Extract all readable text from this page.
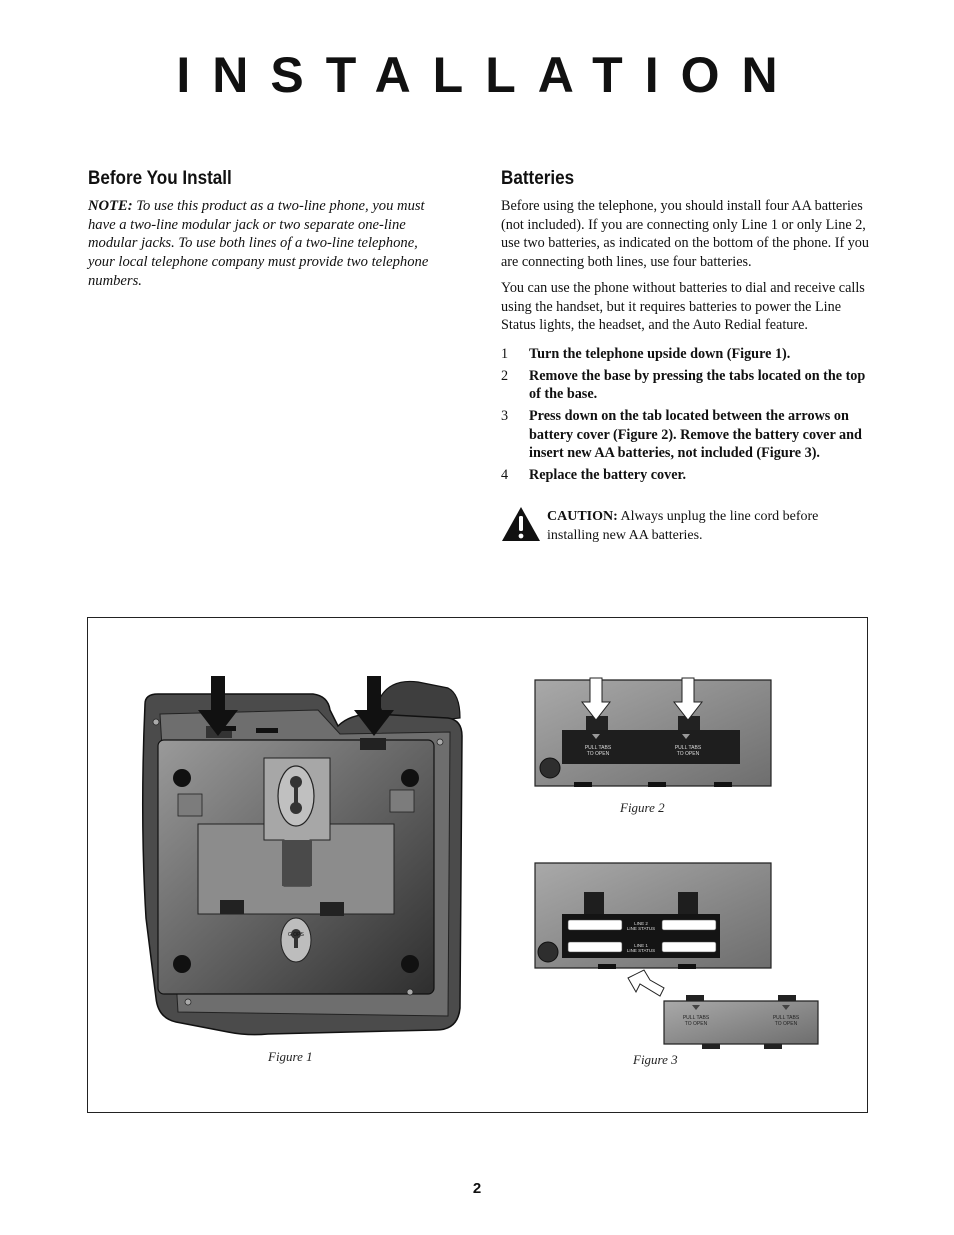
INSTALLATION
Before You Install

NOTE: To use this product as a two-line phone, you must have a two-line modular jack or two separate one-line modular jacks. To use both lines of a two-line telephone, your local telephone company must provide two telephone numbers.

Batteries

Before using the telephone, you should install four AA batteries (not included). If you are connecting only Line 1 or only Line 2, use two batteries, as indicated on the bottom of the phone. If you are connecting both lines, use four batteries.

You can use the phone without batteries to dial and receive calls using the handset, but it requires batteries to power the Line Status lights, the headset, and the Auto Redial feature.

1	Turn the telephone upside down (Figure 1).
2	Remove the base by pressing the tabs located on the top of the base.
3	Press down on the tab located between the arrows on battery cover (Figure 2). Remove the battery cover and insert new AA batteries, not included (Figure 3).
4	Replace the battery cover.
CAUTION: Always unplug the line cord before installing new AA batteries.
G OPS
PULL TABS
TO OPEN
PULL TABS
TO OPEN
LINE 2
LINE STATUS
LINE 1
LINE STATUS
PULL TABS
TO OPEN
PULL TABS
TO OPEN
Figure 1
Figure 2
Figure 3
2
